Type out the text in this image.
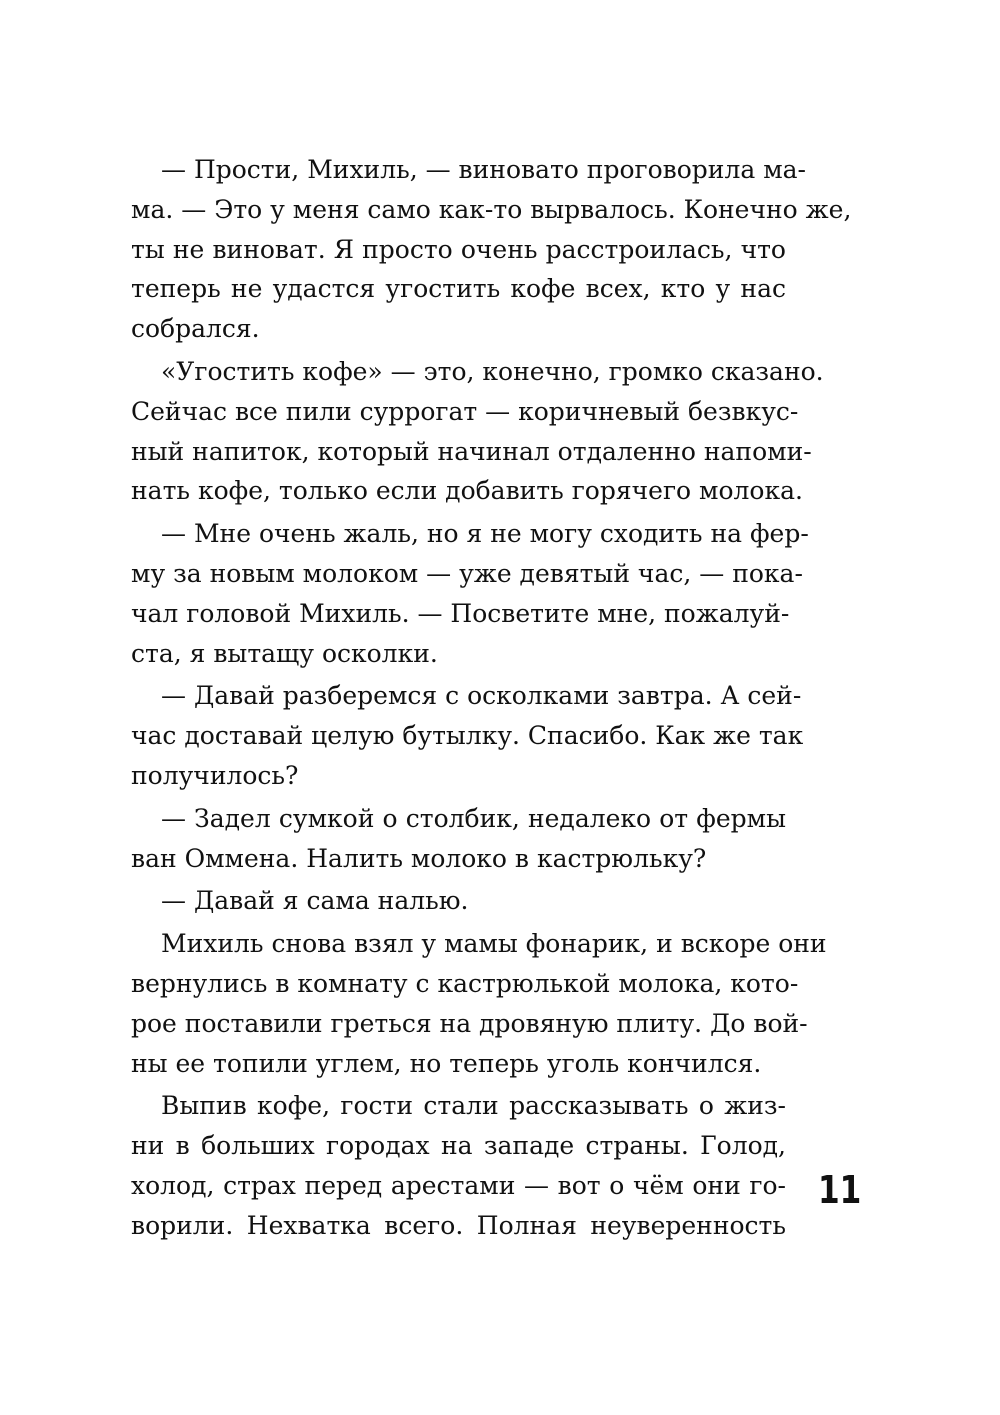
— Прости, Михиль, — виновато проговорила ма-
ма. — Это у меня само как-то вырвалось. Конечно же,
ты не виноват. Я просто очень расстроилась, что
теперь не удастся угостить кофе всех, кто у нас
собрался.
«Угостить кофе» — это, конечно, громко сказано.
Сейчас все пили суррогат — коричневый безвкус-
ный напиток, который начинал отдаленно напоми-
нать кофе, только если добавить горячего молока.
— Мне очень жаль, но я не могу сходить на фер-
му за новым молоком — уже девятый час, — пока-
чал головой Михиль. — Посветите мне, пожалуй-
ста, я вытащу осколки.
— Давай разберемся с осколками завтра. А сей-
час доставай целую бутылку. Спасибо. Как же так
получилось?
— Задел сумкой о столбик, недалеко от фермы
ван Оммена. Налить молоко в кастрюльку?
— Давай я сама налью.
Михиль снова взял у мамы фонарик, и вскоре они
вернулись в комнату с кастрюлькой молока, кото-
рое поставили греться на дровяную плиту. До вой-
ны ее топили углем, но теперь уголь кончился.
Выпив кофе, гости стали рассказывать о жиз-
ни в больших городах на западе страны. Голод,
холод, страх перед арестами — вот о чём они го-
ворили. Нехватка всего. Полная неуверенность
11
